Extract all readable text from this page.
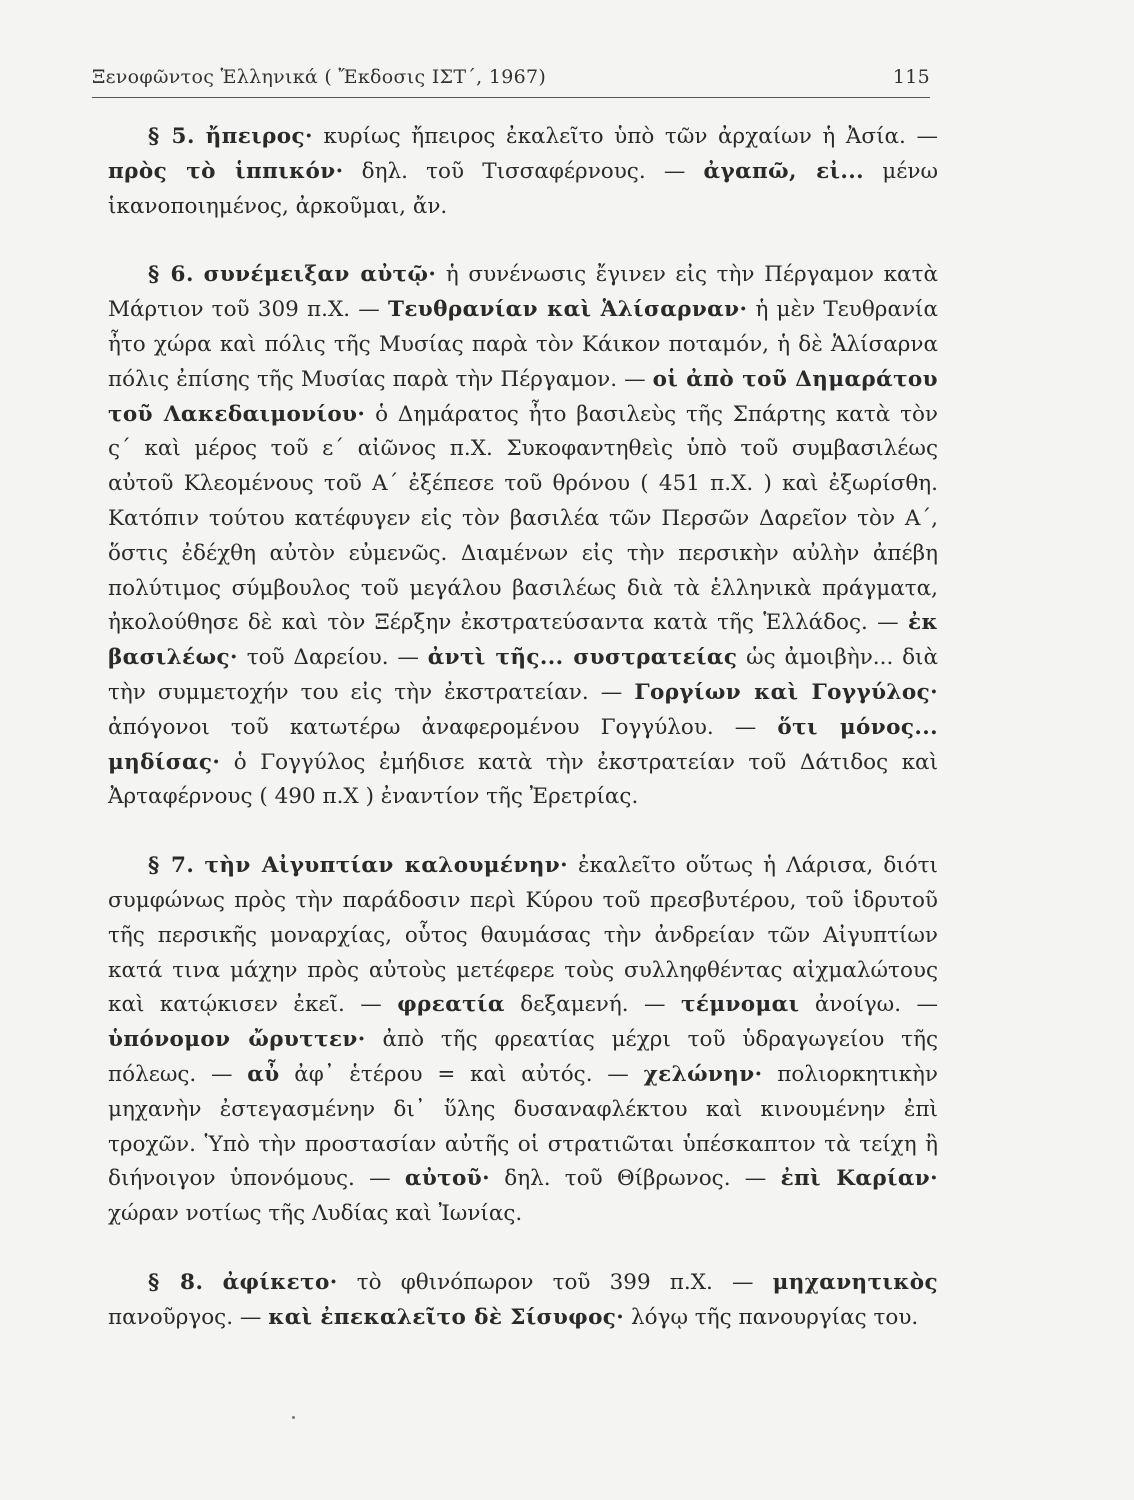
Ξενοφῶντος Ἑλληνικά ( Ἔκδοσις ΙΣΤ΄, 1967)	115

§ 5. ἤπειρος· κυρίως ἤπειρος ἐκαλεῖτο ὑπὸ τῶν ἀρχαίων ἡ Ἀσία. — πρὸς τὸ ἱππικόν· δηλ. τοῦ Τισσαφέρνους. — ἀγαπῶ, εἰ... μένω ἱκανοποιημένος, ἀρκοῦμαι, ἄν.

§ 6. συνέμειξαν αὐτῷ· ἡ συνένωσις ἔγινεν εἰς τὴν Πέργαμον κατὰ Μάρτιον τοῦ 309 π.Χ. — Τευθρανίαν καὶ Ἁλίσαρναν· ἡ μὲν Τευθρανία ἦτο χώρα καὶ πόλις τῆς Μυσίας παρὰ τὸν Κάικον ποταμόν, ἡ δὲ Ἁλίσαρνα πόλις ἐπίσης τῆς Μυσίας παρὰ τὴν Πέργαμον. — οἱ ἀπὸ τοῦ Δημαράτου τοῦ Λακεδαιμονίου· ὁ Δημάρατος ἦτο βασιλεὺς τῆς Σπάρτης κατὰ τὸν ς΄ καὶ μέρος τοῦ ε΄ αἰῶνος π.Χ. Συκοφαντηθεὶς ὑπὸ τοῦ συμβασιλέως αὐτοῦ Κλεομένους τοῦ Α΄ ἐξέπεσε τοῦ θρόνου ( 451 π.Χ. ) καὶ ἐξωρίσθη. Κατόπιν τούτου κατέφυγεν εἰς τὸν βασιλέα τῶν Περσῶν Δαρεῖον τὸν Α΄, ὅστις ἐδέχθη αὐτὸν εὐμενῶς. Διαμένων εἰς τὴν περσικὴν αὐλὴν ἀπέβη πολύτιμος σύμβουλος τοῦ μεγάλου βασιλέως διὰ τὰ ἑλληνικὰ πράγματα, ἠκολούθησε δὲ καὶ τὸν Ξέρξην ἐκστρατεύσαντα κατὰ τῆς Ἑλλάδος. — ἐκ βασιλέως· τοῦ Δαρείου. — ἀντὶ τῆς... συστρατείας ὡς ἀμοιβὴν... διὰ τὴν συμμετοχήν του εἰς τὴν ἐκστρατείαν. — Γοργίων καὶ Γογγύλος· ἀπόγονοι τοῦ κατωτέρω ἀναφερομένου Γογγύλου. — ὅτι μόνος... μηδίσας· ὁ Γογγύλος ἐμήδισε κατὰ τὴν ἐκστρατείαν τοῦ Δάτιδος καὶ Ἀρταφέρνους ( 490 π.Χ ) ἐναντίον τῆς Ἐρετρίας.

§ 7. τὴν Αἰγυπτίαν καλουμένην· ἐκαλεῖτο οὕτως ἡ Λάρισα, διότι συμφώνως πρὸς τὴν παράδοσιν περὶ Κύρου τοῦ πρεσβυτέρου, τοῦ ἱδρυτοῦ τῆς περσικῆς μοναρχίας, οὗτος θαυμάσας τὴν ἀνδρείαν τῶν Αἰγυπτίων κατά τινα μάχην πρὸς αὐτοὺς μετέφερε τοὺς συλληφθέντας αἰχμαλώτους καὶ κατῴκισεν ἐκεῖ. — φρεατία δεξαμενή. — τέμνομαι ἀνοίγω. — ὑπόνομον ὤρυττεν· ἀπὸ τῆς φρεατίας μέχρι τοῦ ὑδραγωγείου τῆς πόλεως. — αὖ ἀφ᾽ ἑτέρου = καὶ αὐτός. — χελώνην· πολιορκητικὴν μηχανὴν ἐστεγασμένην δι᾽ ὕλης δυσαναφλέκτου καὶ κινουμένην ἐπὶ τροχῶν. Ὑπὸ τὴν προστασίαν αὐτῆς οἱ στρατιῶται ὑπέσκαπτον τὰ τείχη ἢ διήνοιγον ὑπονόμους. — αὐτοῦ· δηλ. τοῦ Θίβρωνος. — ἐπὶ Καρίαν· χώραν νοτίως τῆς Λυδίας καὶ Ἰωνίας.

§ 8. ἀφίκετο· τὸ φθινόπωρον τοῦ 399 π.Χ. — μηχανητικὸς πανοῦργος. — καὶ ἐπεκαλεῖτο δὲ Σίσυφος· λόγῳ τῆς πανουργίας του.
